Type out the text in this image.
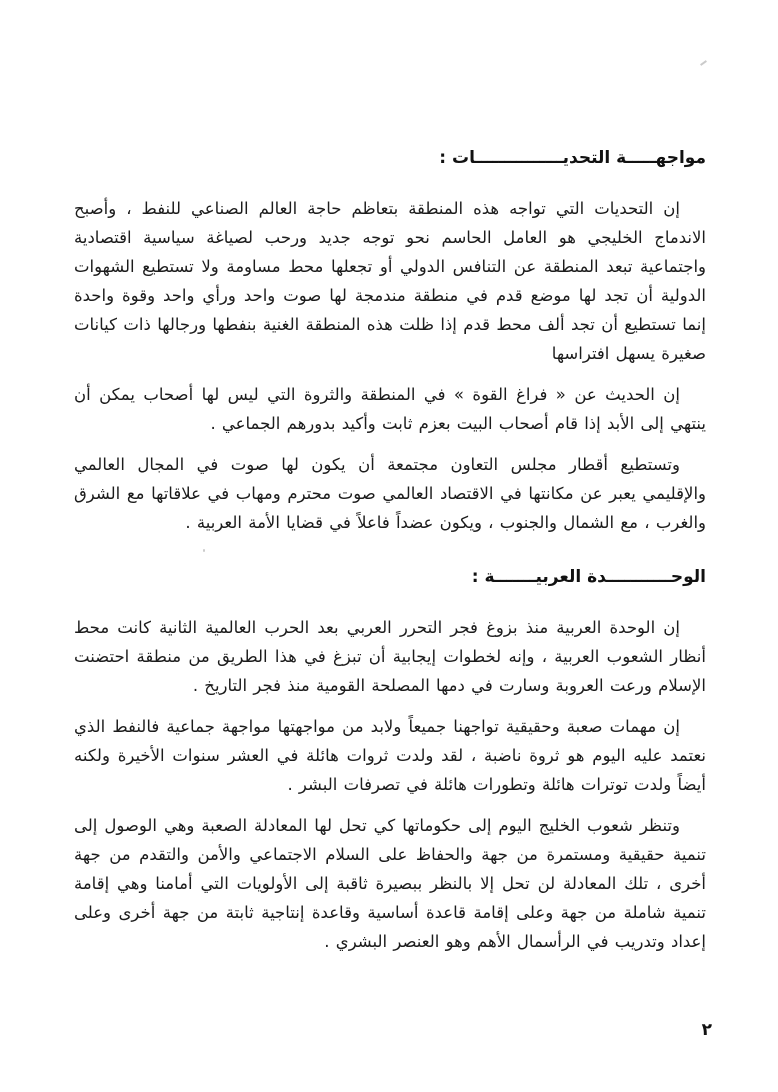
مواجهـــــة التحديـــــــــــــــات :

إن التحديات التي تواجه هذه المنطقة بتعاظم حاجة العالم الصناعي للنفط ، وأصبح الاندماج الخليجي هو العامل الحاسم نحو توجه جديد ورحب لصياغة سياسية اقتصادية واجتماعية تبعد المنطقة عن التنافس الدولي أو تجعلها محط مساومة ولا تستطيع الشهوات الدولية أن تجد لها موضع قدم في منطقة مندمجة لها صوت واحد ورأي واحد وقوة واحدة إنما تستطيع أن تجد ألف محط قدم إذا ظلت هذه المنطقة الغنية بنفطها ورجالها ذات كيانات صغيرة يسهل افتراسها

إن الحديث عن « فراغ القوة » في المنطقة والثروة التي ليس لها أصحاب يمكن أن ينتهي إلى الأبد إذا قام أصحاب البيت بعزم ثابت وأكيد بدورهم الجماعي .

وتستطيع أقطار مجلس التعاون مجتمعة أن يكون لها صوت في المجال العالمي والإقليمي يعبر عن مكانتها في الاقتصاد العالمي صوت محترم ومهاب في علاقاتها مع الشرق والغرب ، مع الشمال والجنوب ، ويكون عضداً فاعلاً في قضايا الأمة العربية .

الوحـــــــــــدة العربيـــــــة :

إن الوحدة العربية منذ بزوغ فجر التحرر العربي بعد الحرب العالمية الثانية كانت محط أنظار الشعوب العربية ، وإنه لخطوات إيجابية أن تبزغ في هذا الطريق من منطقة احتضنت الإسلام ورعت العروبة وسارت في دمها المصلحة القومية منذ فجر التاريخ .

إن مهمات صعبة وحقيقية تواجهنا جميعاً ولابد من مواجهتها مواجهة جماعية فالنفط الذي نعتمد عليه اليوم هو ثروة ناضبة ، لقد ولدت ثروات هائلة في العشر سنوات الأخيرة ولكنه أيضاً ولدت توترات هائلة وتطورات هائلة في تصرفات البشر .

وتنظر شعوب الخليج اليوم إلى حكوماتها كي تحل لها المعادلة الصعبة وهي الوصول إلى تنمية حقيقية ومستمرة من جهة والحفاظ على السلام الاجتماعي والأمن والتقدم من جهة أخرى ، تلك المعادلة لن تحل إلا بالنظر ببصيرة ثاقبة إلى الأولويات التي أمامنا وهي إقامة تنمية شاملة من جهة وعلى إقامة قاعدة أساسية وقاعدة إنتاجية ثابتة من جهة أخرى وعلى إعداد وتدريب في الرأسمال الأهم وهو العنصر البشري .

٢
